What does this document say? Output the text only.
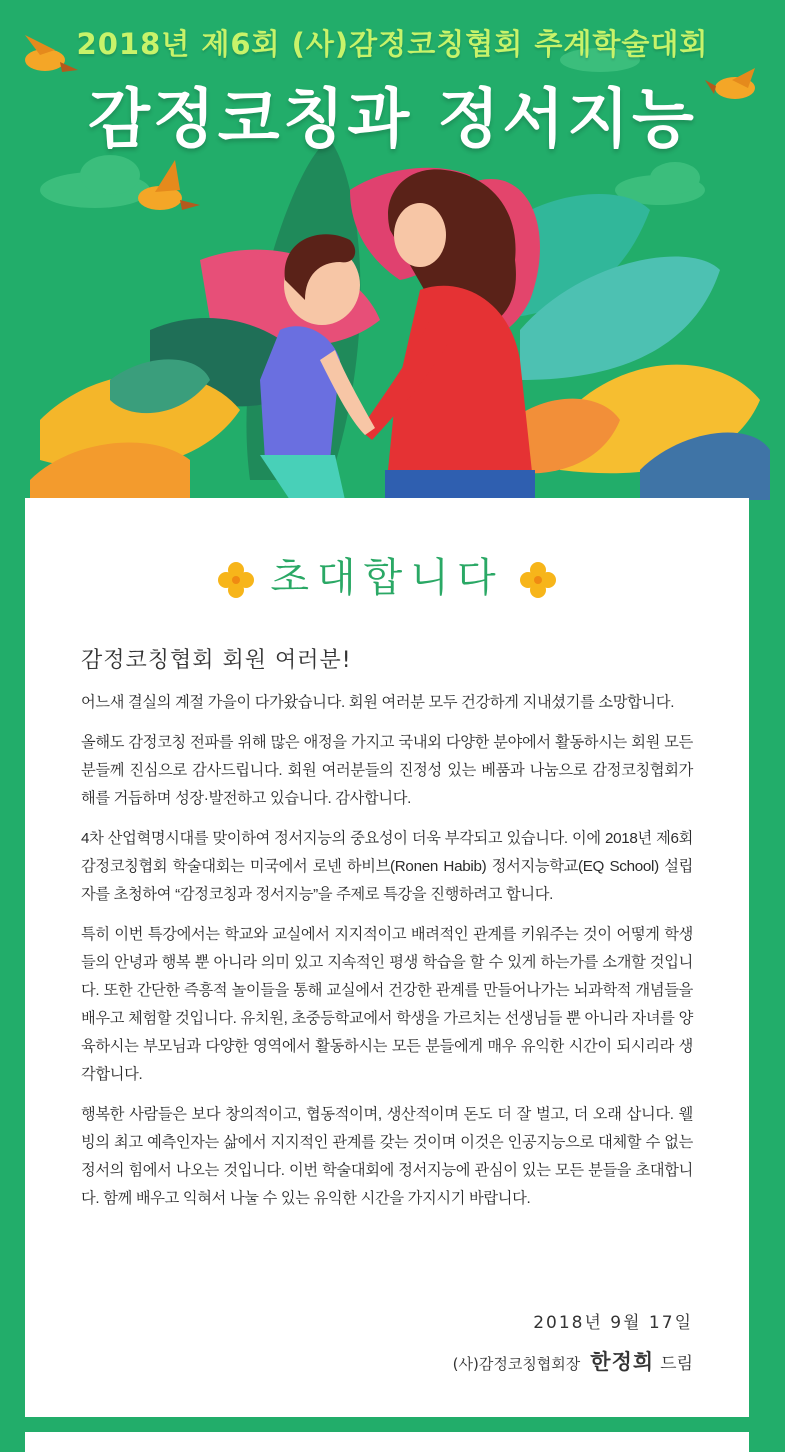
2018년 제6회 (사)감정코칭협회 추계학술대회
감정코칭과 정서지능
초대합니다
감정코칭협회 회원 여러분!

어느새 결실의 계절 가을이 다가왔습니다. 회원 여러분 모두 건강하게 지내셨기를 소망합니다.

올해도 감정코칭 전파를 위해 많은 애정을 가지고 국내외 다양한 분야에서 활동하시는 회원 모든 분들께 진심으로 감사드립니다. 회원 여러분들의 진정성 있는 베품과 나눔으로 감정코칭협회가 해를 거듭하며 성장·발전하고 있습니다. 감사합니다.

4차 산업혁명시대를 맞이하여 정서지능의 중요성이 더욱 부각되고 있습니다. 이에 2018년 제6회 감정코칭협회 학술대회는 미국에서 로넨 하비브(Ronen Habib) 정서지능학교(EQ School) 설립자를 초청하여 “감정코칭과 정서지능”을 주제로 특강을 진행하려고 합니다.

특히 이번 특강에서는 학교와 교실에서 지지적이고 배려적인 관계를 키워주는 것이 어떻게 학생들의 안녕과 행복 뿐 아니라 의미 있고 지속적인 평생 학습을 할 수 있게 하는가를 소개할 것입니다. 또한 간단한 즉흥적 놀이들을 통해 교실에서 건강한 관계를 만들어나가는 뇌과학적 개념들을 배우고 체험할 것입니다. 유치원, 초중등학교에서 학생을 가르치는 선생님들 뿐 아니라 자녀를 양육하시는 부모님과 다양한 영역에서 활동하시는 모든 분들에게 매우 유익한 시간이 되시리라 생각합니다.

행복한 사람들은 보다 창의적이고, 협동적이며, 생산적이며 돈도 더 잘 벌고, 더 오래 삽니다. 웰빙의 최고 예측인자는 삶에서 지지적인 관계를 갖는 것이며 이것은 인공지능으로 대체할 수 없는 정서의 힘에서 나오는 것입니다. 이번 학술대회에 정서지능에 관심이 있는 모든 분들을 초대합니다. 함께 배우고 익혀서 나눌 수 있는 유익한 시간을 가지시기 바랍니다.

2018년 9월 17일
(사)감정코칭협회장 한정희 드림
